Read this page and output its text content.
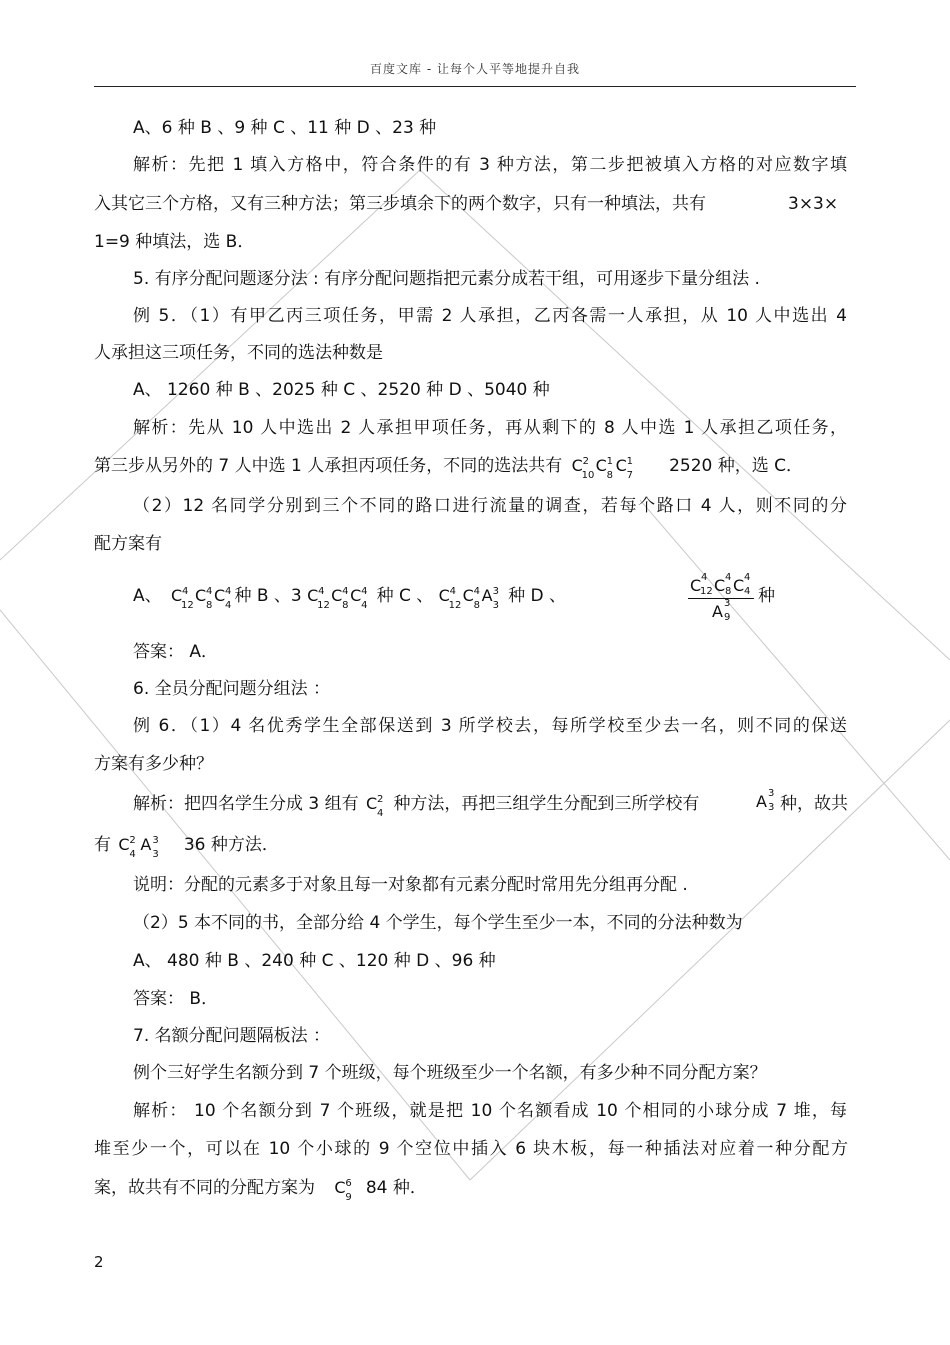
百度文库 - 让每个人平等地提升自我
A、6 种 B 、9 种 C 、11 种 D 、23 种
解析：先把 1 填入方格中，符合条件的有 3 种方法，第二步把被填入方格的对应数字填
入其它三个方格，又有三种方法；第三步填余下的两个数字，只有一种填法，共有	3×3×
1=9 种填法，选 B．
5. 有序分配问题逐分法 : 有序分配问题指把元素分成若干组，可用逐步下量分组法 .
例 5．（1）有甲乙丙三项任务，甲需 2 人承担，乙丙各需一人承担，从 10 人中选出 4
人承担这三项任务，不同的选法种数是
A、 1260 种 B 、2025 种 C 、2520 种 D 、5040 种
解析：先从 10 人中选出 2 人承担甲项任务，再从剩下的 8 人中选 1 人承担乙项任务，
第三步从另外的 7 人中选 1 人承担丙项任务，不同的选法共有 C 2
10
C 1
8
C 1
7 2520 种，选 C．
（2）12 名同学分别到三个不同的路口进行流量的调查，若每个路口 4 人，则不同的分
配方案有
A、 C 4
12
C 4
8
C 4
4 种 B 、3 C 4
12
C 4
8
C 4
4 种 C 、 C 4
12
C 4
8
A 3
3 种 D 、	C 4
12 C 4
8 C 4
4
A 3
9 种
答案： A．
6. 全员分配问题分组法 ：
例 6．（1）4 名优秀学生全部保送到 3 所学校去，每所学校至少去一名，则不同的保送
方案有多少种？
解析：把四名学生分成 3 组有 C 2
4 种方法，再把三组学生分配到三所学校有	A 3
3 种，故共
有 C 2
4
A 3
3 36 种方法．
说明：分配的元素多于对象且每一对象都有元素分配时常用先分组再分配 .
（2）5 本不同的书，全部分给 4 个学生，每个学生至少一本，不同的分法种数为
A、 480 种 B 、240 种 C 、120 种 D 、96 种
答案： B．
7. 名额分配问题隔板法 ：
例个三好学生名额分到 7 个班级，每个班级至少一个名额，有多少种不同分配方案？
解析： 10 个名额分到 7 个班级，就是把 10 个名额看成 10 个相同的小球分成 7 堆，每
堆至少一个，可以在 10 个小球的 9 个空位中插入 6 块木板，每一种插法对应着一种分配方
案，故共有不同的分配方案为 C 6
9 84 种．
2
